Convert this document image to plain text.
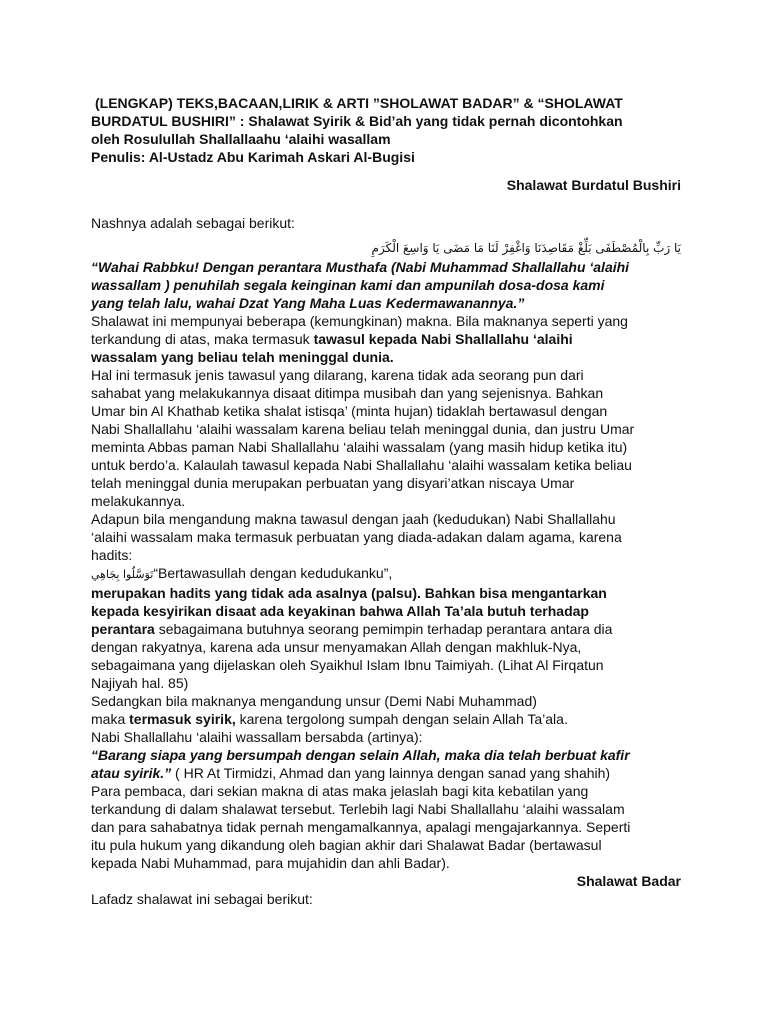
(LENGKAP) TEKS,BACAAN,LIRIK & ARTI ”SHOLAWAT BADAR” & “SHOLAWAT
BURDATUL BUSHIRI” : Shalawat Syirik & Bid’ah yang tidak pernah dicontohkan
oleh Rosulullah Shallallaahu ‘alaihi wasallam
Penulis: Al-Ustadz Abu Karimah Askari Al-Bugisi
Shalawat Burdatul Bushiri
Nashnya adalah sebagai berikut:
يَا رَبِّ بِالْمُصْطَفَى بَلِّغْ مَقَاصِدَنَا وَاغْفِرْ لَنَا مَا مَضَى يَا وَاسِعَ الْكَرَمِ
“Wahai Rabbku! Dengan perantara Musthafa (Nabi Muhammad Shallallahu ‘alaihi
wassallam ) penuhilah segala keinginan kami dan ampunilah dosa-dosa kami
yang telah lalu, wahai Dzat Yang Maha Luas Kedermawanannya.”
Shalawat ini mempunyai beberapa (kemungkinan) makna. Bila maknanya seperti yang
terkandung di atas, maka termasuk tawasul kepada Nabi Shallallahu ‘alaihi
wassalam yang beliau telah meninggal dunia.
Hal ini termasuk jenis tawasul yang dilarang, karena tidak ada seorang pun dari
sahabat yang melakukannya disaat ditimpa musibah dan yang sejenisnya. Bahkan
Umar bin Al Khathab ketika shalat istisqa’ (minta hujan) tidaklah bertawasul dengan
Nabi Shallallahu ‘alaihi wassalam karena beliau telah meninggal dunia, dan justru Umar
meminta Abbas paman Nabi Shallallahu ‘alaihi wassalam (yang masih hidup ketika itu)
untuk berdo’a. Kalaulah tawasul kepada Nabi Shallallahu ‘alaihi wassalam ketika beliau
telah meninggal dunia merupakan perbuatan yang disyari’atkan niscaya Umar
melakukannya.
Adapun bila mengandung makna tawasul dengan jaah (kedudukan) Nabi Shallallahu
‘alaihi wassalam maka termasuk perbuatan yang diada-adakan dalam agama, karena
hadits:
تَوَسَّلُوا بِجَاهِي“Bertawasullah dengan kedudukanku”,
merupakan hadits yang tidak ada asalnya (palsu). Bahkan bisa mengantarkan
kepada kesyirikan disaat ada keyakinan bahwa Allah Ta’ala butuh terhadap
perantara sebagaimana butuhnya seorang pemimpin terhadap perantara antara dia
dengan rakyatnya, karena ada unsur menyamakan Allah dengan makhluk-Nya,
sebagaimana yang dijelaskan oleh Syaikhul Islam Ibnu Taimiyah. (Lihat Al Firqatun
Najiyah hal. 85)
Sedangkan bila maknanya mengandung unsur (Demi Nabi Muhammad)
maka termasuk syirik, karena tergolong sumpah dengan selain Allah Ta’ala.
Nabi Shallallahu ‘alaihi wassallam bersabda (artinya):
“Barang siapa yang bersumpah dengan selain Allah, maka dia telah berbuat kafir
atau syirik.” ( HR At Tirmidzi, Ahmad dan yang lainnya dengan sanad yang shahih)
Para pembaca, dari sekian makna di atas maka jelaslah bagi kita kebatilan yang
terkandung di dalam shalawat tersebut. Terlebih lagi Nabi Shallallahu ‘alaihi wassalam
dan para sahabatnya tidak pernah mengamalkannya, apalagi mengajarkannya. Seperti
itu pula hukum yang dikandung oleh bagian akhir dari Shalawat Badar (bertawasul
kepada Nabi Muhammad, para mujahidin dan ahli Badar).
Shalawat Badar
Lafadz shalawat ini sebagai berikut:
